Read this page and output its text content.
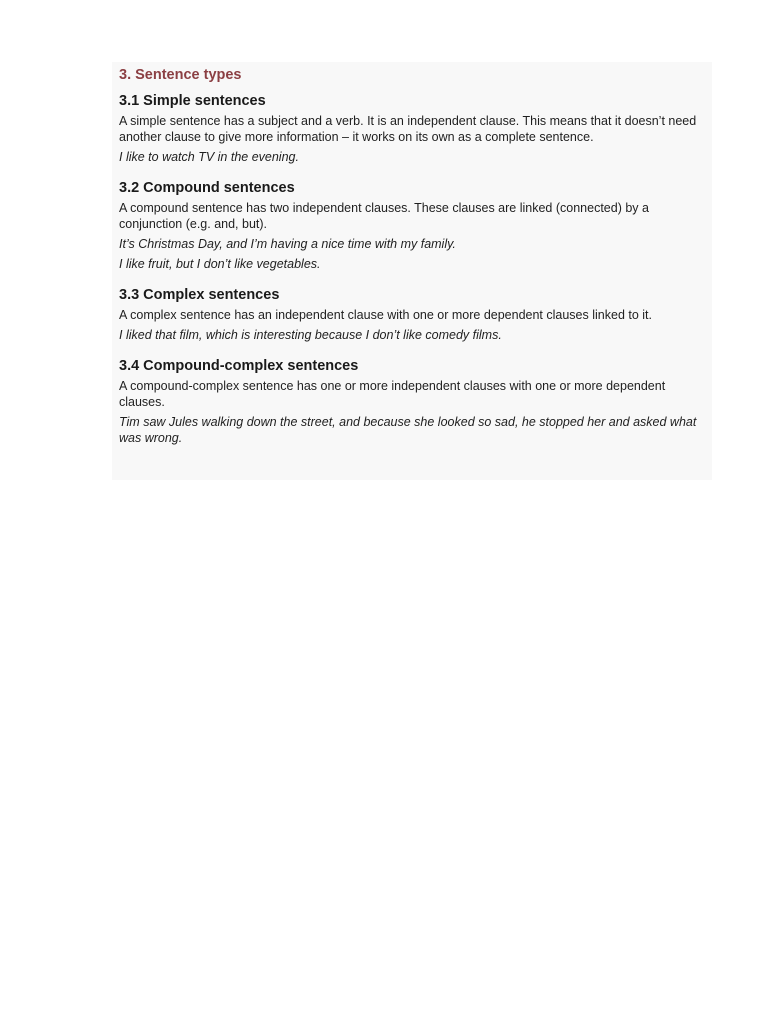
3. Sentence types
3.1 Simple sentences

A simple sentence has a subject and a verb. It is an independent clause. This means that it doesn’t need another clause to give more information – it works on its own as a complete sentence.

I like to watch TV in the evening.

3.2 Compound sentences

A compound sentence has two independent clauses. These clauses are linked (connected) by a conjunction (e.g. and, but).

It’s Christmas Day, and I’m having a nice time with my family.

I like fruit, but I don’t like vegetables.

3.3 Complex sentences

A complex sentence has an independent clause with one or more dependent clauses linked to it.

I liked that film, which is interesting because I don’t like comedy films.

3.4 Compound-complex sentences

A compound-complex sentence has one or more independent clauses with one or more dependent clauses.

Tim saw Jules walking down the street, and because she looked so sad, he stopped her and asked what was wrong.
